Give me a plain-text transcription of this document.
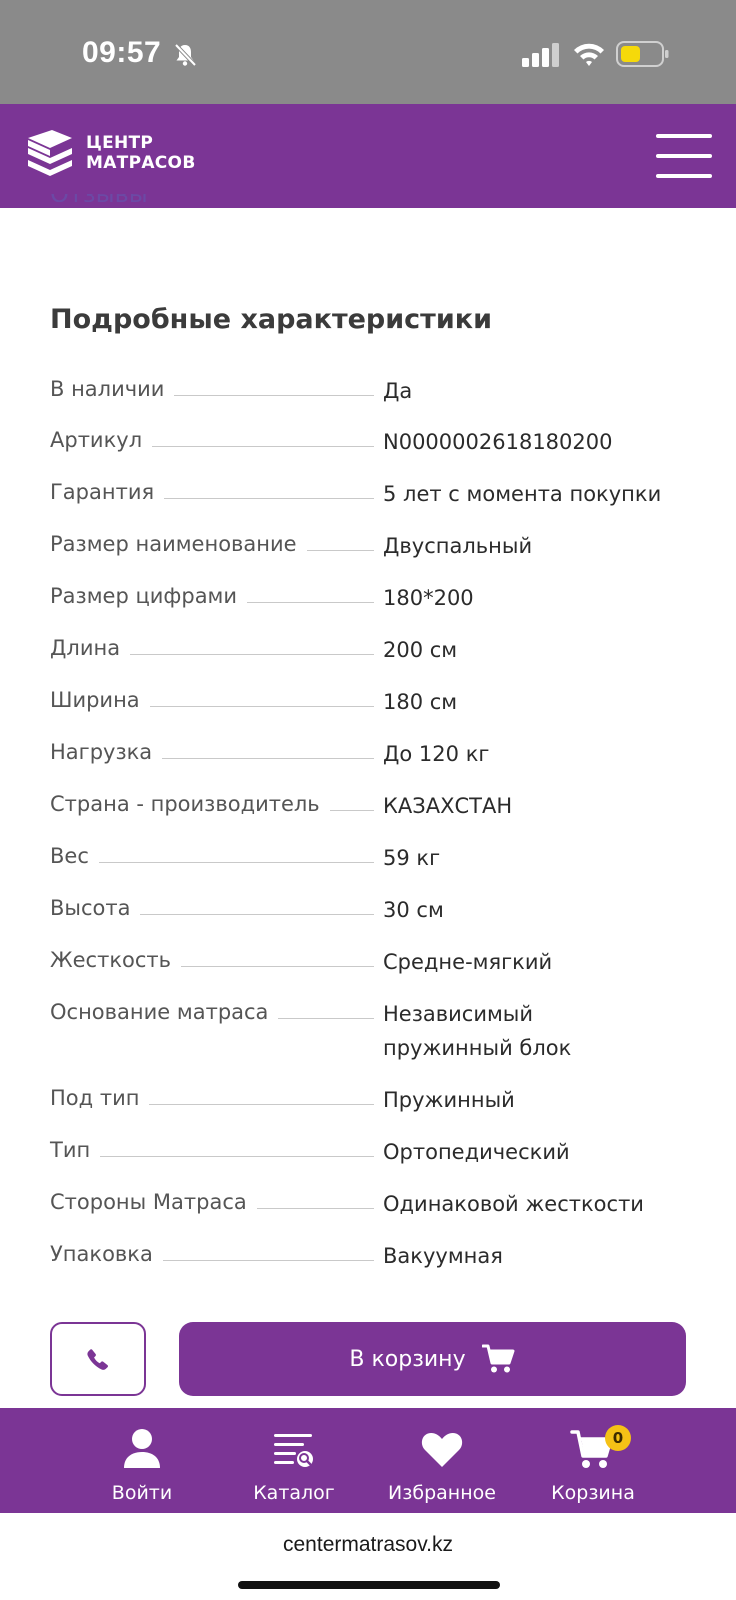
09:57
ЦЕНТР
МАТРАСОВ
Подробные характеристики
В наличии	Да
Артикул	N0000002618180200
Гарантия	5 лет с момента покупки
Размер наименование	Двуспальный
Размер цифрами	180*200
Длина	200 см
Ширина	180 см
Нагрузка	До 120 кг
Страна - производитель	КАЗАХСТАН
Вес	59 кг
Высота	30 см
Жесткость	Средне-мягкий
Основание матраса	Независимый пружинный блок
Под тип	Пружинный
Тип	Ортопедический
Стороны Матраса	Одинаковой жесткости
Упаковка	Вакуумная
В корзину
Войти	Каталог	Избранное
0
Корзина
centermatrasov.kz
